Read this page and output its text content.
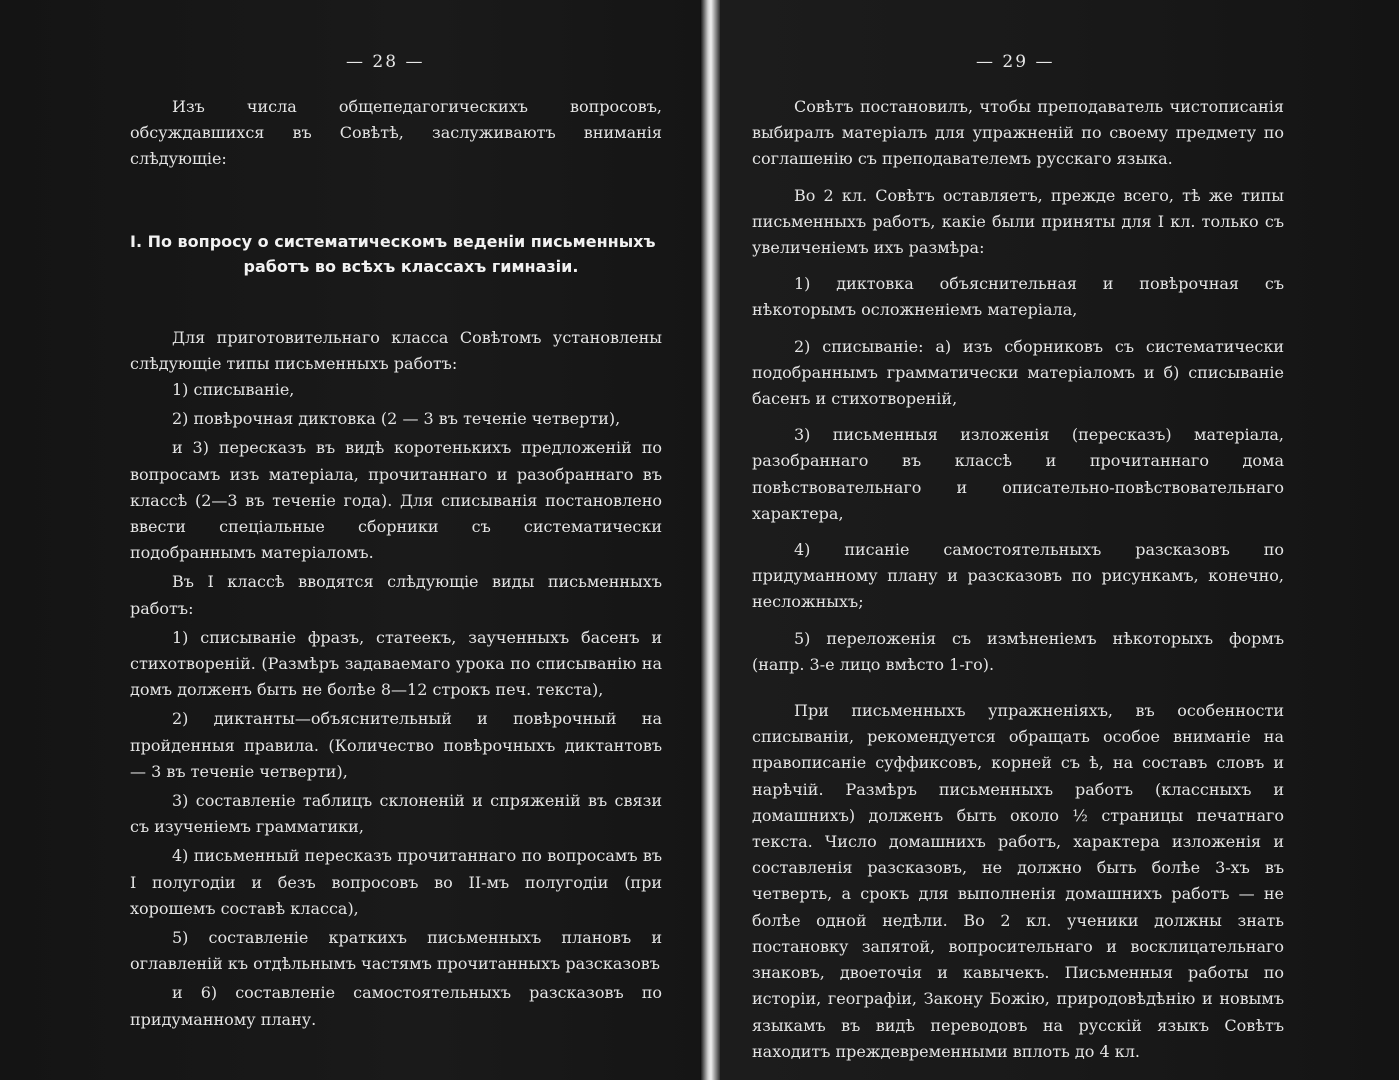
— 28 —

Изъ числа общепедагогическихъ вопросовъ, обсуждавшихся въ Совѣтѣ, заслуживаютъ вниманія слѣдующіе:

I. По вопросу о систематическомъ веденіи письменныхъ
работъ во всѣхъ классахъ гимназіи.

Для приготовительнаго класса Совѣтомъ установлены слѣдующіе типы письменныхъ работъ:

1) списываніе,

2) повѣрочная диктовка (2 — 3 въ теченіе четверти),

и 3) пересказъ въ видѣ коротенькихъ предложеній по вопросамъ изъ матеріала, прочитаннаго и разобраннаго въ классѣ (2—3 въ теченіе года). Для списыванія постановлено ввести спеціальные сборники съ систематически подобраннымъ матеріаломъ.

Въ I классѣ вводятся слѣдующіе виды письменныхъ работъ:

1) списываніе фразъ, статеекъ, заученныхъ басенъ и стихотвореній. (Размѣръ задаваемаго урока по списыванію на домъ долженъ быть не болѣе 8—12 строкъ печ. текста),

2) диктанты—объяснительный и повѣрочный на пройденныя правила. (Количество повѣрочныхъ диктантовъ — 3 въ теченіе четверти),

3) составленіе таблицъ склоненій и спряженій въ связи съ изученіемъ грамматики,

4) письменный пересказъ прочитаннаго по вопросамъ въ I полугодіи и безъ вопросовъ во II-мъ полугодіи (при хорошемъ составѣ класса),

5) составленіе краткихъ письменныхъ плановъ и оглавленій къ отдѣльнымъ частямъ прочитанныхъ разсказовъ

и 6) составленіе самостоятельныхъ разсказовъ по придуманному плану.

— 29 —

Совѣтъ постановилъ, чтобы преподаватель чистописанія выбиралъ матеріалъ для упражненій по своему предмету по соглашенію съ преподавателемъ русскаго языка.

Во 2 кл. Совѣтъ оставляетъ, прежде всего, тѣ же типы письменныхъ работъ, какіе были приняты для I кл. только съ увеличеніемъ ихъ размѣра:

1) диктовка объяснительная и повѣрочная съ нѣкоторымъ осложненіемъ матеріала,

2) списываніе: а) изъ сборниковъ съ систематически подобраннымъ грамматически матеріаломъ и б) списываніе басенъ и стихотвореній,

3) письменныя изложенія (пересказъ) матеріала, разобраннаго въ классѣ и прочитаннаго дома повѣствовательнаго и описательно-повѣствовательнаго характера,

4) писаніе самостоятельныхъ разсказовъ по придуманному плану и разсказовъ по рисункамъ, конечно, несложныхъ;

5) переложенія съ измѣненіемъ нѣкоторыхъ формъ (напр. 3-е лицо вмѣсто 1-го).

При письменныхъ упражненіяхъ, въ особенности списываніи, рекомендуется обращать особое вниманіе на правописаніе суффиксовъ, корней съ ѣ, на составъ словъ и нарѣчій. Размѣръ письменныхъ работъ (классныхъ и домашнихъ) долженъ быть около ½ страницы печатнаго текста. Число домашнихъ работъ, характера изложенія и составленія разсказовъ, не должно быть болѣе 3-хъ въ четверть, а срокъ для выполненія домашнихъ работъ — не болѣе одной недѣли. Во 2 кл. ученики должны знать постановку запятой, вопросительнаго и восклицательнаго знаковъ, двоеточія и кавычекъ. Письменныя работы по исторіи, географіи, Закону Божію, природовѣдѣнію и новымъ языкамъ въ видѣ переводовъ на русскій языкъ Совѣтъ находитъ преждевременными вплоть до 4 кл.
